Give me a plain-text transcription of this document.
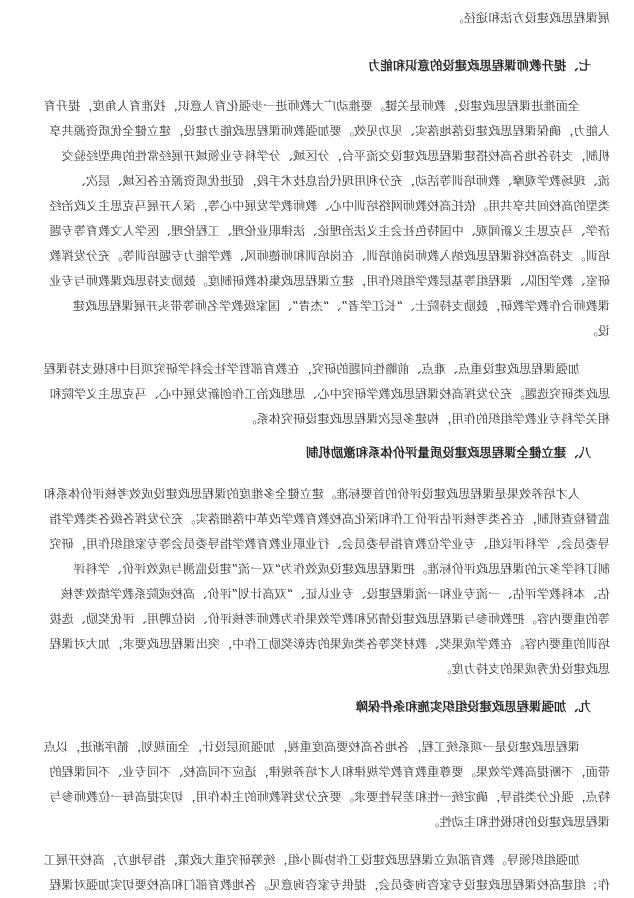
展课程思政建设方法和途径。

七、提升教师课程思政建设的意识和能力

全面推进课程思政建设，教师是关键。要推动广大教师进一步强化育人意识，找准育人角度，提升育

人能力，确保课程思政建设落地落实、见功见效。要加强教师课程思政能力建设，建立健全优质资源共享

机制，支持各地各高校搭建课程思政建设交流平台，分区域、分学科专业领域开展经常性的典型经验交

流、现场教学观摩、教师培训等活动，充分利用现代信息技术手段，促进优质资源在各区域、层次、

类型的高校间共享共用。依托高校教师网络培训中心、教师教学发展中心等，深入开展马克思主义政治经

济学、马克思主义新闻观、中国特色社会主义法治理论、法律职业伦理、工程伦理、医学人文教育等专题

培训。支持高校将课程思政纳入教师岗前培训、在岗培训和师德师风、教学能力专题培训等。充分发挥教

研室、教学团队、课程组等基层教学组织作用，建立课程思政集体教研制度。鼓励支持思政课教师与专业

课教师合作教学教研，鼓励支持院士、“长江学者”、“杰青”、国家级教学名师等带头开展课程思政建

设。

加强课程思政建设重点、难点、前瞻性问题的研究，在教育部哲学社会科学研究项目中积极支持课程

思政类研究选题。充分发挥高校课程思政教学研究中心、思想政治工作创新发展中心、马克思主义学院和

相关学科专业教学组织的作用，构建多层次课程思政建设研究体系。

八、建立健全课程思政建设质量评价体系和激励机制

人才培养效果是课程思政建设评价的首要标准。建立健全多维度的课程思政建设成效考核评价体系和

监督检查机制，在各类考核评估评价工作和深化高校教育教学改革中落细落实。充分发挥各级各类教学指

导委员会、学科评议组、专业学位教育指导委员会、行业职业教育教学指导委员会等专家组织作用，研究

制订科学多元的课程思政评价标准。把课程思政建设成效作为“双一流”建设监测与成效评价、学科评

估、本科教学评估、一流专业和一流课程建设、专业认证、“双高计划”评价、高校或院系教学绩效考核

等的重要内容。把教师参与课程思政建设情况和教学效果作为教师考核评价、岗位聘用、评优奖励、选拔

培训的重要内容。在教学成果奖、教材奖等各类成果的表彰奖励工作中，突出课程思政要求，加大对课程

思政建设优秀成果的支持力度。

九、加强课程思政建设组织实施和条件保障

课程思政建设是一项系统工程，各地各高校要高度重视，加强顶层设计，全面规划，循序渐进，以点

带面，不断提高教学效果。要尊重教育教学规律和人才培养规律，适应不同高校、不同专业、不同课程的

特点，强化分类指导，确定统一性和差异性要求。要充分发挥教师的主体作用，切实提高每一位教师参与

课程思政建设的积极性和主动性。

加强组织领导。教育部成立课程思政建设工作协调小组，统筹研究重大政策，指导地方，高校开展工

作；组建高校课程思政建设专家咨询委员会，提供专家咨询意见。各地教育部门和高校要切实加强对课程
